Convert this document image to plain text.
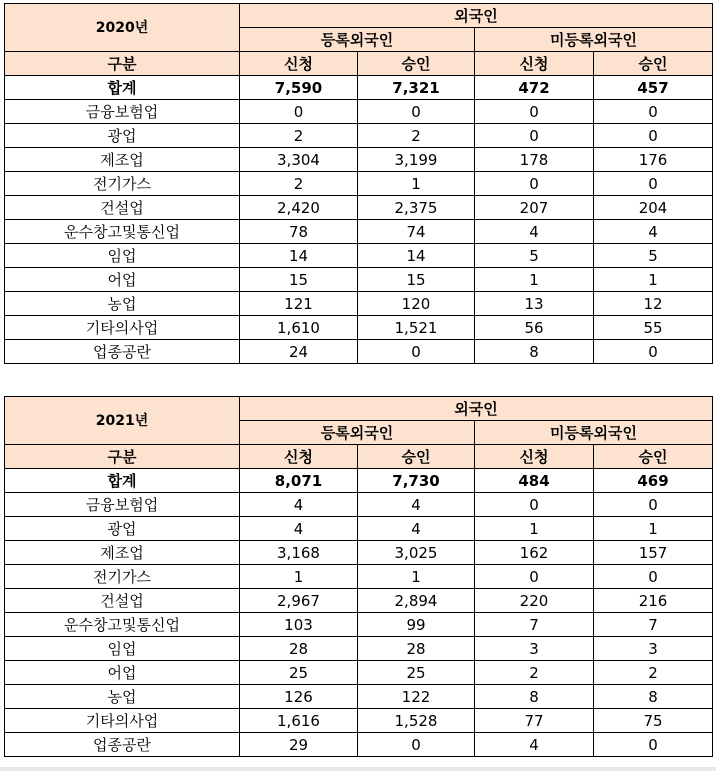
2020년	외국인			
	등록외국인		미등록외국인	
구분	신청	승인	신청	승인
합계	7,590	7,321	472	457
금융보험업	0	0	0	0
광업	2	2	0	0
제조업	3,304	3,199	178	176
전기가스	2	1	0	0
건설업	2,420	2,375	207	204
운수창고및통신업	78	74	4	4
임업	14	14	5	5
어업	15	15	1	1
농업	121	120	13	12
기타의사업	1,610	1,521	56	55
업종공란	24	0	8	0
2021년	외국인			
	등록외국인		미등록외국인	
구분	신청	승인	신청	승인
합계	8,071	7,730	484	469
금융보험업	4	4	0	0
광업	4	4	1	1
제조업	3,168	3,025	162	157
전기가스	1	1	0	0
건설업	2,967	2,894	220	216
운수창고및통신업	103	99	7	7
임업	28	28	3	3
어업	25	25	2	2
농업	126	122	8	8
기타의사업	1,616	1,528	77	75
업종공란	29	0	4	0
